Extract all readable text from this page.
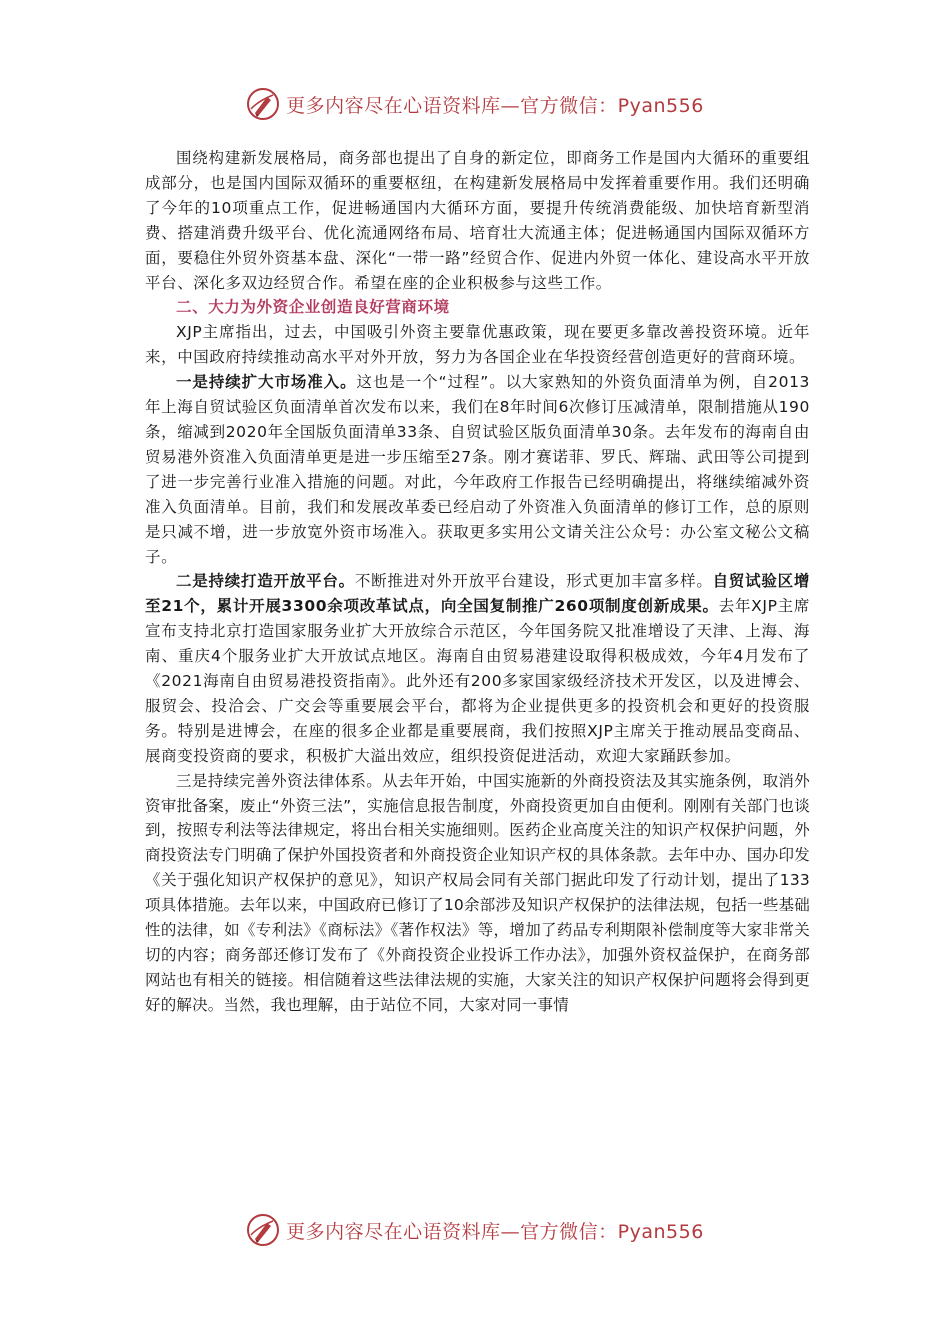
更多内容尽在心语资料库—官方微信：Pyan556

围绕构建新发展格局，商务部也提出了自身的新定位，即商务工作是国内大循环的重要组成部分，也是国内国际双循环的重要枢纽，在构建新发展格局中发挥着重要作用。我们还明确了今年的10项重点工作，促进畅通国内大循环方面，要提升传统消费能级、加快培育新型消费、搭建消费升级平台、优化流通网络布局、培育壮大流通主体；促进畅通国内国际双循环方面，要稳住外贸外资基本盘、深化“一带一路”经贸合作、促进内外贸一体化、建设高水平开放平台、深化多双边经贸合作。希望在座的企业积极参与这些工作。

二、大力为外资企业创造良好营商环境

XJP主席指出，过去，中国吸引外资主要靠优惠政策，现在要更多靠改善投资环境。近年来，中国政府持续推动高水平对外开放，努力为各国企业在华投资经营创造更好的营商环境。

一是持续扩大市场准入。这也是一个“过程”。以大家熟知的外资负面清单为例，自2013年上海自贸试验区负面清单首次发布以来，我们在8年时间6次修订压减清单，限制措施从190条，缩减到2020年全国版负面清单33条、自贸试验区版负面清单30条。去年发布的海南自由贸易港外资准入负面清单更是进一步压缩至27条。刚才赛诺菲、罗氏、辉瑞、武田等公司提到了进一步完善行业准入措施的问题。对此，今年政府工作报告已经明确提出，将继续缩减外资准入负面清单。目前，我们和发展改革委已经启动了外资准入负面清单的修订工作，总的原则是只减不增，进一步放宽外资市场准入。获取更多实用公文请关注公众号：办公室文秘公文稿子。

二是持续打造开放平台。不断推进对外开放平台建设，形式更加丰富多样。自贸试验区增至21个，累计开展3300余项改革试点，向全国复制推广260项制度创新成果。去年XJP主席宣布支持北京打造国家服务业扩大开放综合示范区，今年国务院又批准增设了天津、上海、海南、重庆4个服务业扩大开放试点地区。海南自由贸易港建设取得积极成效，今年4月发布了《2021海南自由贸易港投资指南》。此外还有200多家国家级经济技术开发区，以及进博会、服贸会、投洽会、广交会等重要展会平台，都将为企业提供更多的投资机会和更好的投资服务。特别是进博会，在座的很多企业都是重要展商，我们按照XJP主席关于推动展品变商品、展商变投资商的要求，积极扩大溢出效应，组织投资促进活动，欢迎大家踊跃参加。

三是持续完善外资法律体系。从去年开始，中国实施新的外商投资法及其实施条例，取消外资审批备案，废止“外资三法”，实施信息报告制度，外商投资更加自由便利。刚刚有关部门也谈到，按照专利法等法律规定，将出台相关实施细则。医药企业高度关注的知识产权保护问题，外商投资法专门明确了保护外国投资者和外商投资企业知识产权的具体条款。去年中办、国办印发《关于强化知识产权保护的意见》，知识产权局会同有关部门据此印发了行动计划，提出了133项具体措施。去年以来，中国政府已修订了10余部涉及知识产权保护的法律法规，包括一些基础性的法律，如《专利法》《商标法》《著作权法》等，增加了药品专利期限补偿制度等大家非常关切的内容；商务部还修订发布了《外商投资企业投诉工作办法》，加强外资权益保护，在商务部网站也有相关的链接。相信随着这些法律法规的实施，大家关注的知识产权保护问题将会得到更好的解决。当然，我也理解，由于站位不同，大家对同一事情

更多内容尽在心语资料库—官方微信：Pyan556
